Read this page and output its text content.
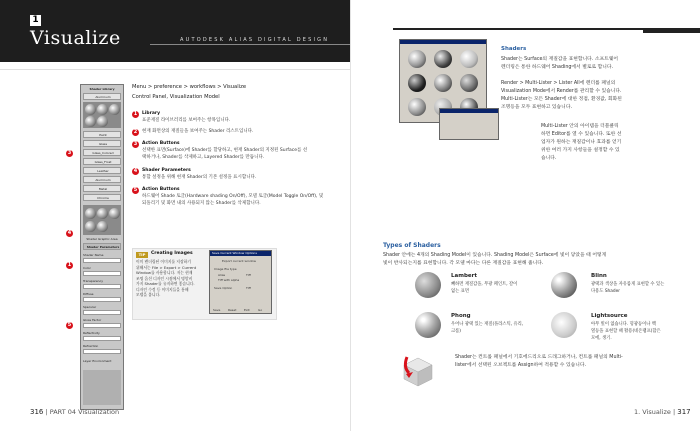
1
Visualize	AUTODESK ALIAS DIGITAL DESIGN
Shader Library
Aluminum
Paint
Glass
Glass_Colored
Glass_Frost
Leather
Aluminum
Metal
Chrome
Shader Graphic Area
Shader Parameters
Shader Name
Color
Transparency
Diffuse
Specular
Gloss Factor
Reflectivity
Refraction
Layer Environment
3
4
1
5
Menu > preference > workflows > Visualize
Control Panel, Visualization Model
1	Library
표준재질 라이브러리를 보여주는 항목입니다.
2	현재 화면상의 재질들을 보여주는 Shader 리스트입니다.
3	Action Buttons
선택한 표면(Surface)에 Shader를 할당하고, 현재 Shader의 지정된 Surface를 선
택하거나, Shader를 삭제하고, Layered Shader를 만듭니다.
4	Shader Parameters
통합 설정을 위해 현재 Shader의 기본 설정을 표시합니다.
5	Action Buttons
하드웨어 Shade 토글(Hardware shading On/Off), 모델 토글(Model Toggle On/Off), 및
되돌리기 및 화면 내의 사용되지 않는 Shader를 삭제합니다.
TIP	Creating Images
이미 렌더링된 이미지를 저장하기
위해서는 File > Export > Current
Window를 사용합니다. 저는 현재
조명 옵션 디자인 시점에서 명암비
가지 Shader를 유지하면 좋습니다.
디자인 수정 등 이미지들을 통해
모델을 봅니다.
Save Current Window Options
Export current window
Image file type
Alias	Tiff
Tiff with alpha
Save Option	Tiff
Save	Reset	Exit	Go
316 | PART 04 Visualization
Shaders
Shader는 Surface의 재질감을 표현합니다. 소프트웨어
렌더링은 통한 하드웨어 Shading에서 별로로 합니다.
Render > Multi-Lister > Lister All에 렌더를 패널의
Visualization Mode에서 Render를 관리할 수 있습니다.
Multi-Lister는 모든 Shader에 대한 정점, 환경값, 회화된
조명등을 모두 표현하고 있습니다.
Multi-Lister 안의 아이템을 더블클릭
하면 Editor를 열 수 있습니다. 또한 선
업자가 원하는 재질감이나 효과를 얻기
위한 여러 가지 사항들을 설정할 수 있
습니다.
Types of Shaders
Shader 안에는 4개의 Shading Model이 있습니다. Shading Model은 Surface에 빛이 닿았을 때 어떻게
빛이 반사되는지를 표현합니다. 각 모델 마다는 다른 재질감을 표현해 줍니다.
Lambert
빼하면 재질감을, 무광 페인트, 갈이
없는 표면
Blinn
광택과 색상을 자유롭게 표현할 수 있는
다용도 Shader
Phong
우어나 광택 있는 재질(플라스틱, 유리,
크롬)
Lightsource
아무 빛이 없습니다. 형광등이나 백
열등을 표현할 때 활용(네온램프)합은
모에, 생기.
Shader는 컨트롤 패널에서 기호에드리오로 드래그하거나, 컨트롤 패널의 Multi-
lister에서 선택된 오브젝트를 Assign하여 적용할 수 있습니다.
1. Visualize | 317
